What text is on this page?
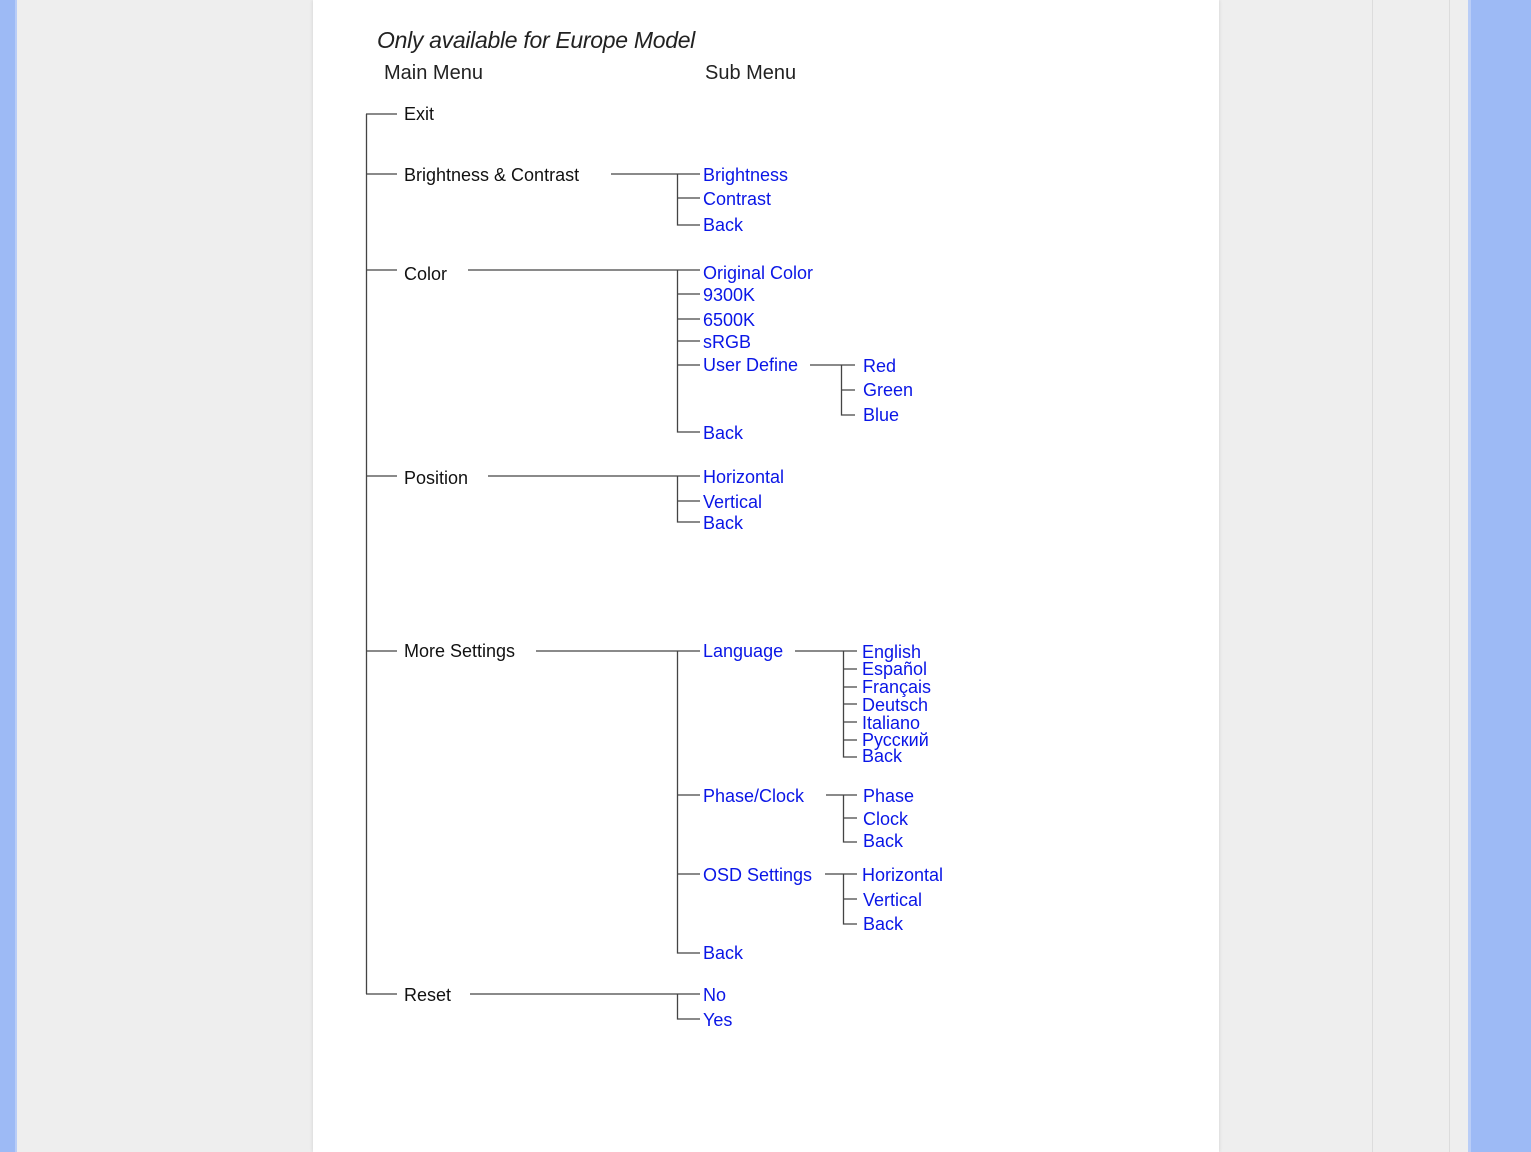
Only available for Europe Model
Main Menu	Sub Menu
Exit
Brightness & Contrast
Color
Position
More Settings
Reset
Brightness
Contrast
Back
Original Color
9300K
6500K
sRGB
User Define
Back
Red
Green
Blue
Horizontal
Vertical
Back
Language
Phase/Clock
OSD Settings
Back
English
Español
Français
Deutsch
Italiano
Русский
Back
Phase
Clock
Back
Horizontal
Vertical
Back
No
Yes
